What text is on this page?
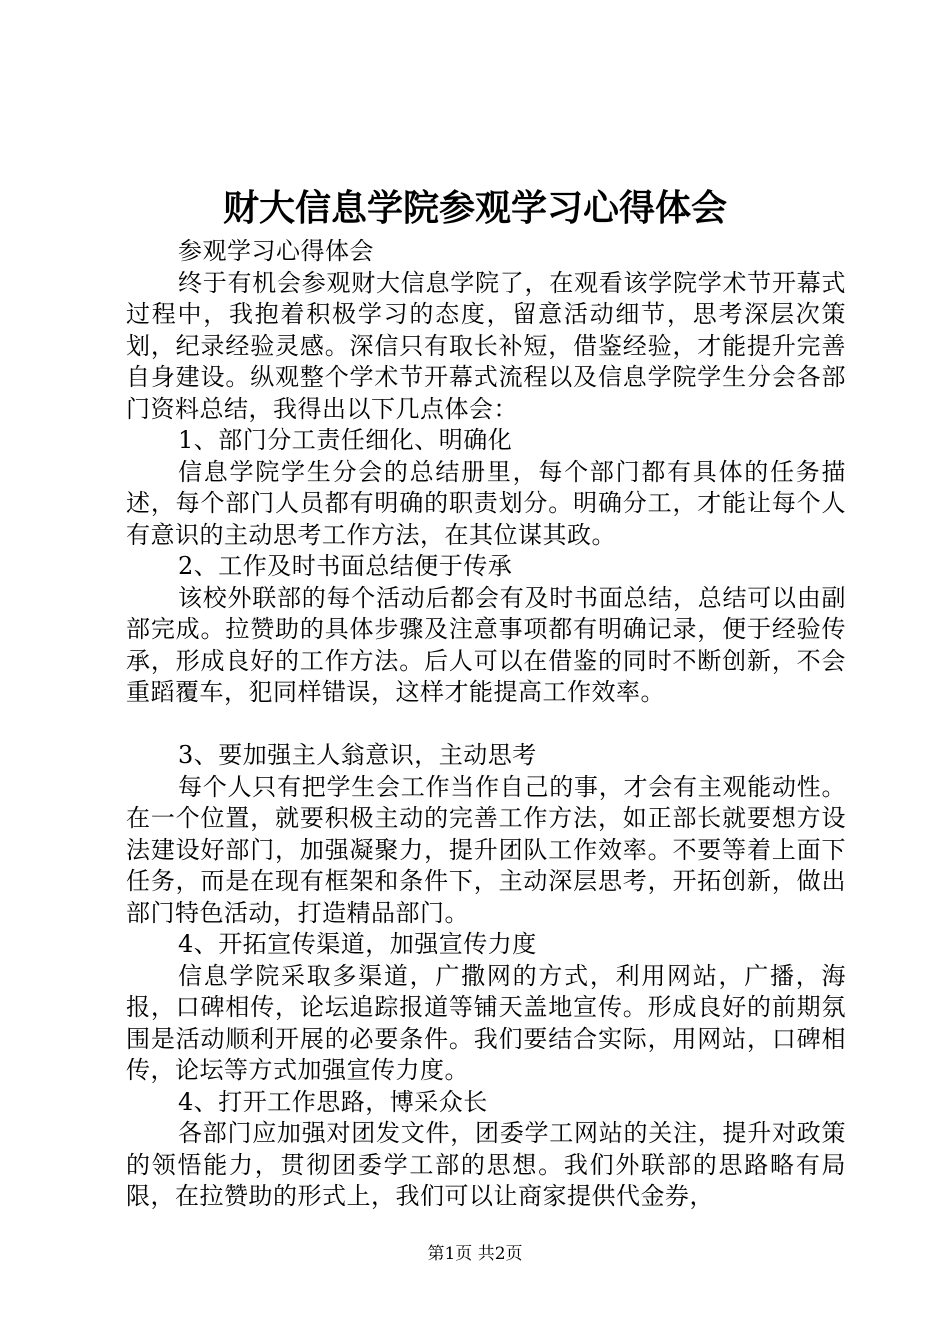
财大信息学院参观学习心得体会

参观学习心得体会

终于有机会参观财大信息学院了，在观看该学院学术节开幕式过程中，我抱着积极学习的态度，留意活动细节，思考深层次策划，纪录经验灵感。深信只有取长补短，借鉴经验，才能提升完善自身建设。纵观整个学术节开幕式流程以及信息学院学生分会各部门资料总结，我得出以下几点体会：

1、部门分工责任细化、明确化

信息学院学生分会的总结册里，每个部门都有具体的任务描述，每个部门人员都有明确的职责划分。明确分工，才能让每个人有意识的主动思考工作方法，在其位谋其政。

2、工作及时书面总结便于传承

该校外联部的每个活动后都会有及时书面总结，总结可以由副部完成。拉赞助的具体步骤及注意事项都有明确记录，便于经验传承，形成良好的工作方法。后人可以在借鉴的同时不断创新，不会重蹈覆车，犯同样错误，这样才能提高工作效率。

3、要加强主人翁意识，主动思考

每个人只有把学生会工作当作自己的事，才会有主观能动性。在一个位置，就要积极主动的完善工作方法，如正部长就要想方设法建设好部门，加强凝聚力，提升团队工作效率。不要等着上面下任务，而是在现有框架和条件下，主动深层思考，开拓创新，做出部门特色活动，打造精品部门。

4、开拓宣传渠道，加强宣传力度

信息学院采取多渠道，广撒网的方式，利用网站，广播，海报，口碑相传，论坛追踪报道等铺天盖地宣传。形成良好的前期氛围是活动顺利开展的必要条件。我们要结合实际，用网站，口碑相传，论坛等方式加强宣传力度。

4、打开工作思路，博采众长

各部门应加强对团发文件，团委学工网站的关注，提升对政策的领悟能力，贯彻团委学工部的思想。我们外联部的思路略有局限，在拉赞助的形式上，我们可以让商家提供代金券，

第1页 共2页
